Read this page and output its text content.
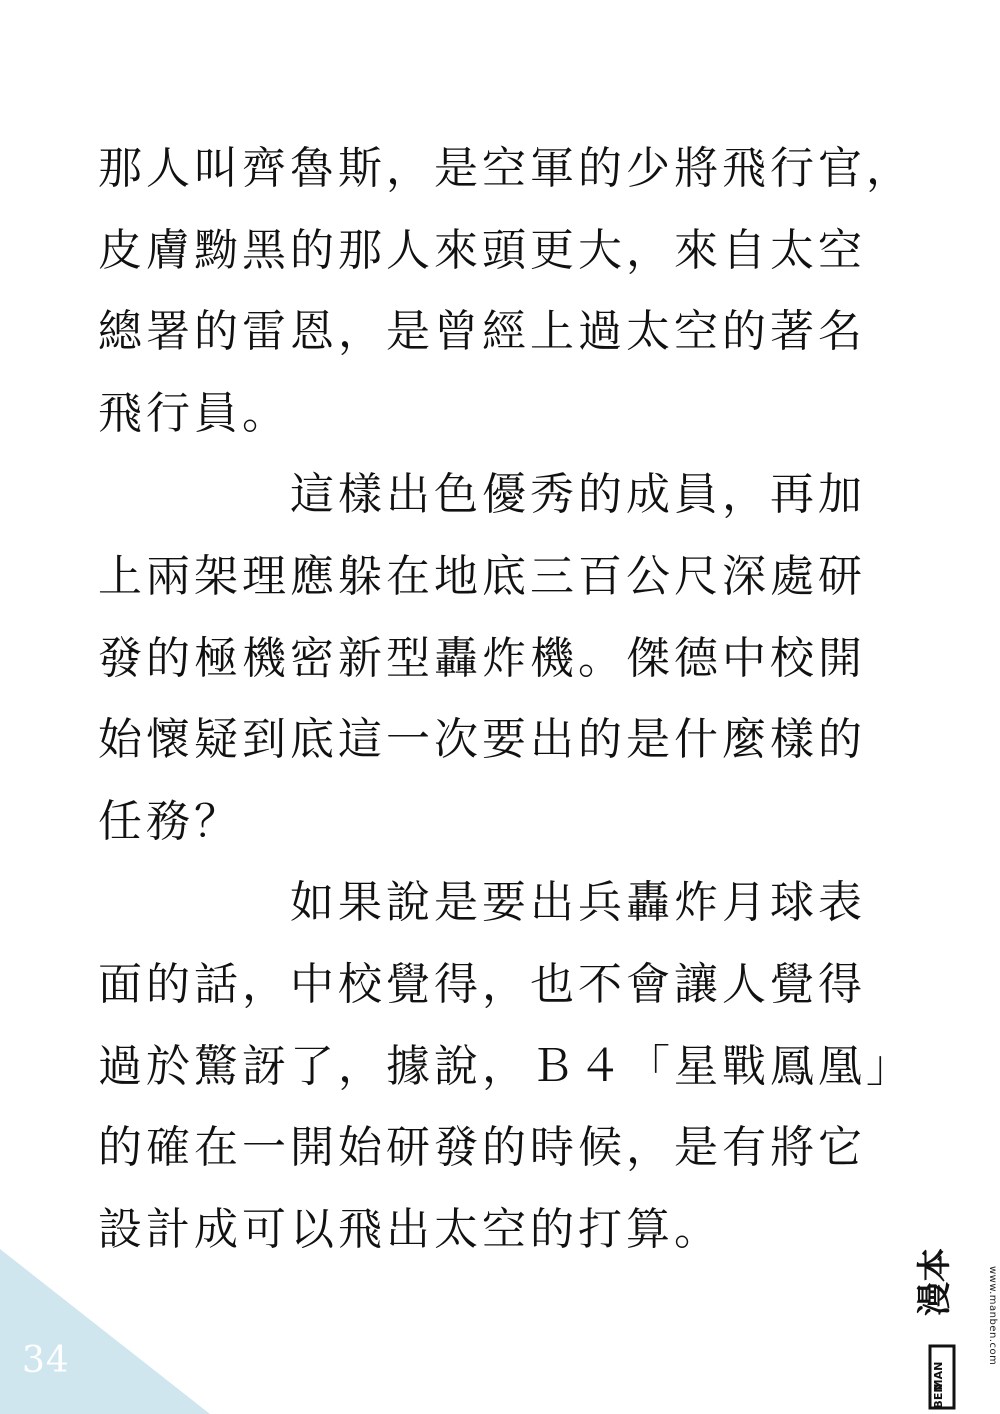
那人叫齊魯斯，是空軍的少將飛行官，
皮膚黝黑的那人來頭更大，來自太空
總署的雷恩，是曾經上過太空的著名
飛行員。
　　　　這樣出色優秀的成員，再加
上兩架理應躲在地底三百公尺深處研
發的極機密新型轟炸機。傑德中校開
始懷疑到底這一次要出的是什麼樣的
任務？
　　　　如果說是要出兵轟炸月球表
面的話，中校覺得，也不會讓人覺得
過於驚訝了，據說，Ｂ４「星戰鳳凰」
的確在一開始研發的時候，是有將它
設計成可以飛出太空的打算。
34	MAN
BEN
漫本	www.manben.com
